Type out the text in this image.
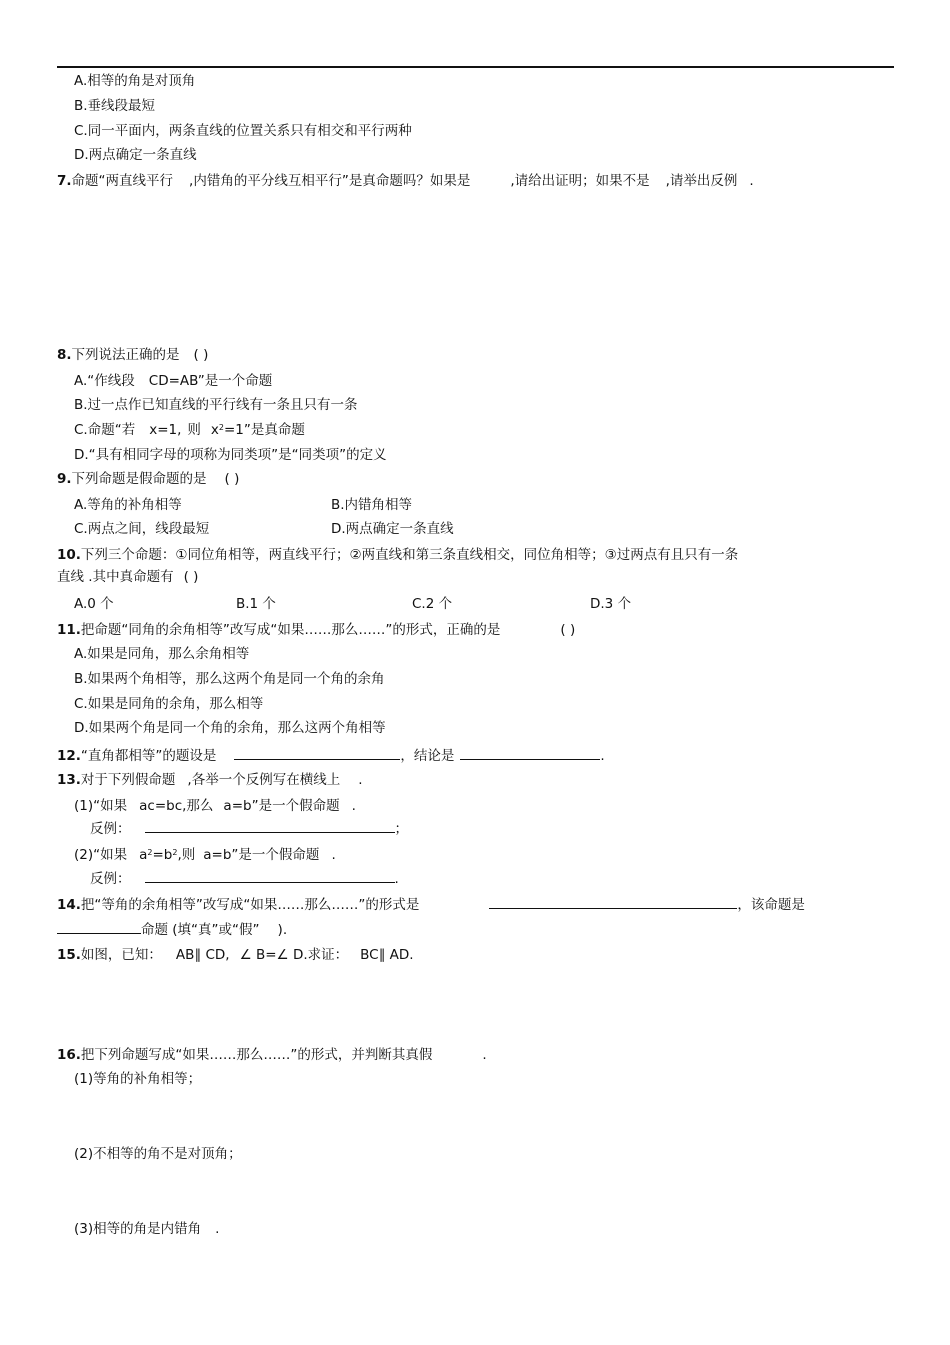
A.相等的角是对顶角
B.垂线段最短
C.同一平面内，两条直线的位置关系只有相交和平行两种
D.两点确定一条直线
7.命题“两直线平行 ,内错角的平分线互相平行”是真命题吗？如果是	,请给出证明；如果不是 ,请举出反例 .
8.下列说法正确的是 ( )
A.“作线段 CD=AB”是一个命题
B.过一点作已知直线的平行线有一条且只有一条
C.命题“若 x=1, 则 $x^2=1$”是真命题
D.“具有相同字母的项称为同类项”是“同类项”的定义
9.下列命题是假命题的是 ( )
A.等角的补角相等	B.内错角相等
C.两点之间，线段最短	D.两点确定一条直线
10.下列三个命题：①同位角相等，两直线平行；②两直线和第三条直线相交，同位角相等；③过两点有且只有一条
直线 .其中真命题有 ( )
A.0 个	B.1 个	C.2 个	D.3 个
11.把命题“同角的余角相等”改写成“如果……那么……”的形式，正确的是	( )
A.如果是同角，那么余角相等
B.如果两个角相等，那么这两个角是同一个角的余角
C.如果是同角的余角，那么相等
D.如果两个角是同一个角的余角，那么这两个角相等
12.“直角都相等”的题设是	，结论是	.
13.对于下列假命题 ,各举一个反例写在横线上 .
(1)“如果 ac=bc,那么 a=b”是一个假命题 .
反例：	；
(2)“如果 $a^2=b^2$,则 a=b”是一个假命题 .
反例：	.
14.把“等角的余角相等”改写成“如果……那么……”的形式是	，该命题是
命题 (填“真”或“假” ).
15.如图，已知： AB∥ CD, ∠ B=∠ D.求证： BC∥ AD.
16.把下列命题写成“如果……那么……”的形式，并判断其真假	.
(1)等角的补角相等；
(2)不相等的角不是对顶角；
(3)相等的角是内错角 .
